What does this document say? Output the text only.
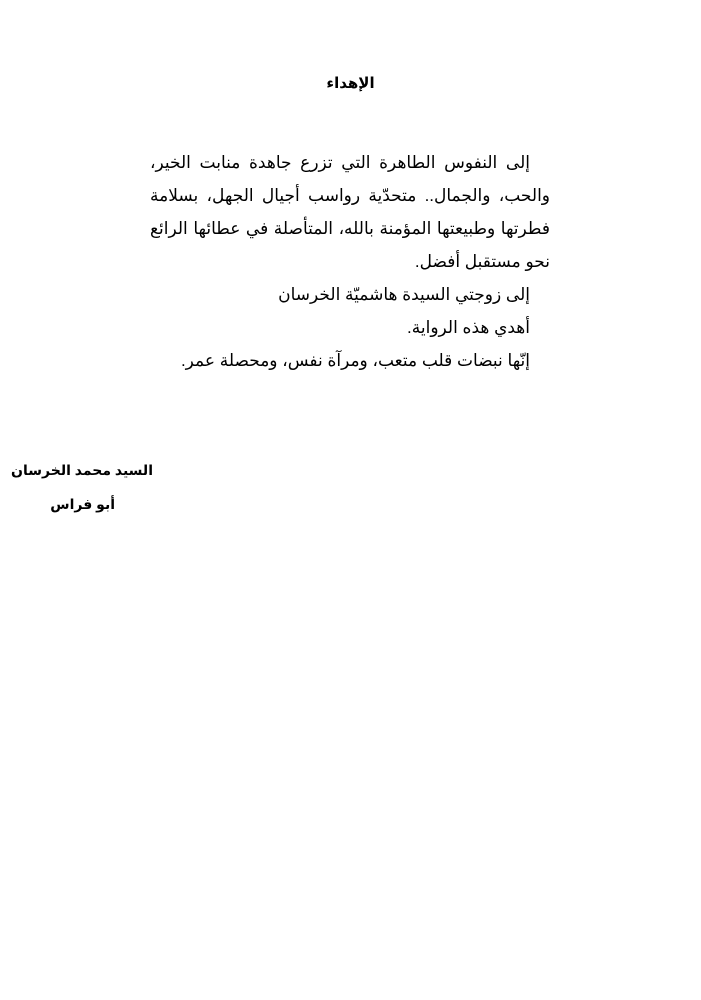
الإهداء

إلى النفوس الطاهرة التي تزرع جاهدة منابت الخير، والحب، والجمال.. متحدّية رواسب أجيال الجهل، بسلامة فطرتها وطبيعتها المؤمنة بالله، المتأصلة في عطائها الرائع نحو مستقبل أفضل.

إلى زوجتي السيدة هاشميّة الخرسان

أهدي هذه الرواية.

إنّها نبضات قلب متعب، ومرآة نفس، ومحصلة عمر.

السيد محمد الخرسان
أبو فراس
